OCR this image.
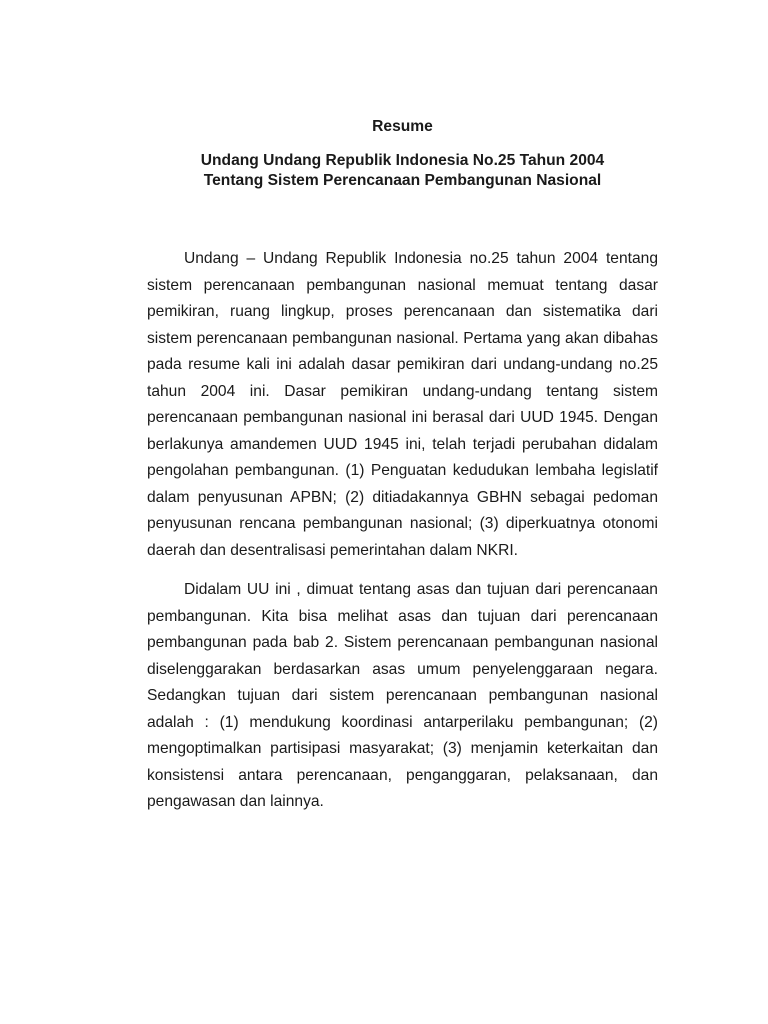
Resume
Undang Undang Republik Indonesia No.25 Tahun 2004
Tentang Sistem Perencanaan Pembangunan Nasional

Undang – Undang Republik Indonesia no.25 tahun 2004 tentang sistem perencanaan pembangunan nasional memuat tentang dasar pemikiran, ruang lingkup, proses perencanaan dan sistematika dari sistem perencanaan pembangunan nasional. Pertama yang akan dibahas pada resume kali ini adalah dasar pemikiran dari undang-undang no.25 tahun 2004 ini. Dasar pemikiran undang-undang tentang sistem perencanaan pembangunan nasional ini berasal dari UUD 1945. Dengan berlakunya amandemen UUD 1945 ini, telah terjadi perubahan didalam pengolahan pembangunan. (1) Penguatan kedudukan lembaha legislatif dalam penyusunan APBN; (2) ditiadakannya GBHN sebagai pedoman penyusunan rencana pembangunan nasional; (3) diperkuatnya otonomi daerah dan desentralisasi pemerintahan dalam NKRI.

Didalam UU ini , dimuat tentang asas dan tujuan dari perencanaan pembangunan. Kita bisa melihat asas dan tujuan dari perencanaan pembangunan pada bab 2. Sistem perencanaan pembangunan nasional diselenggarakan berdasarkan asas umum penyelenggaraan negara. Sedangkan tujuan dari sistem perencanaan pembangunan nasional adalah : (1) mendukung koordinasi antarperilaku pembangunan; (2) mengoptimalkan partisipasi masyarakat; (3) menjamin keterkaitan dan konsistensi antara perencanaan, penganggaran, pelaksanaan, dan pengawasan dan lainnya.
